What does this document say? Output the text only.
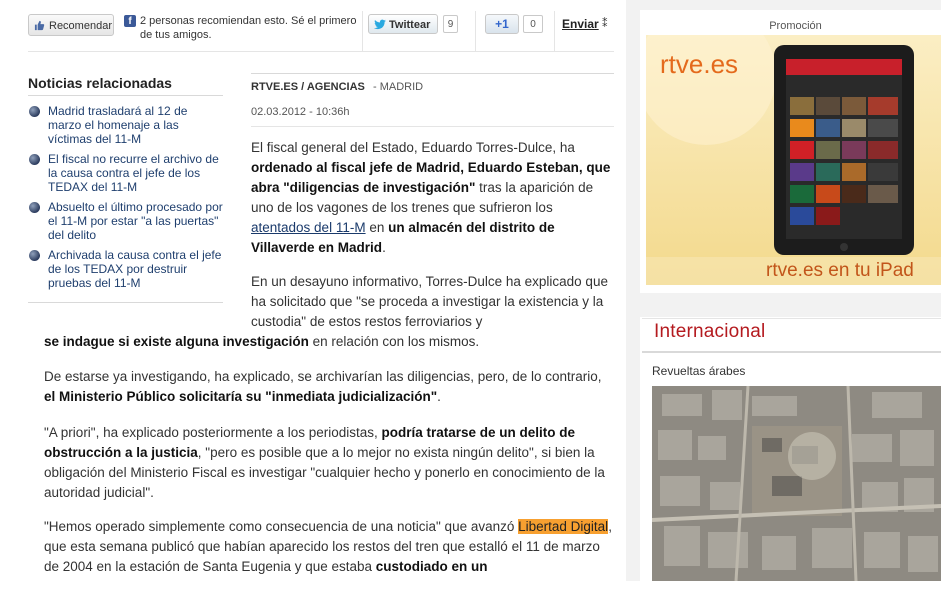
Recomendar	f 2 personas recomiendan esto. Sé el primero de tus amigos.
Twittear	9	+1	0	Enviar ⁑
Noticias relacionadas
Madrid trasladará al 12 de marzo el homenaje a las víctimas del 11-M
El fiscal no recurre el archivo de la causa contra el jefe de los TEDAX del 11-M
Absuelto el último procesado por el 11-M por estar "a las puertas" del delito
Archivada la causa contra el jefe de los TEDAX por destruir pruebas del 11-M
RTVE.ES / AGENCIAS - MADRID
02.03.2012 - 10:36h

El fiscal general del Estado, Eduardo Torres-Dulce, ha ordenado al fiscal jefe de Madrid, Eduardo Esteban, que abra "diligencias de investigación" tras la aparición de uno de los vagones de los trenes que sufrieron los atentados del 11-M en un almacén del distrito de Villaverde en Madrid.

En un desayuno informativo, Torres-Dulce ha explicado que ha solicitado que "se proceda a investigar la existencia y la custodia" de estos restos ferroviarios y

se indague si existe alguna investigación en relación con los mismos.

De estarse ya investigando, ha explicado, se archivarían las diligencias, pero, de lo contrario, el Ministerio Público solicitaría su "inmediata judicialización".

"A priori", ha explicado posteriormente a los periodistas, podría tratarse de un delito de obstrucción a la justicia, "pero es posible que a lo mejor no exista ningún delito", si bien la obligación del Ministerio Fiscal es investigar "cualquier hecho y ponerlo en conocimiento de la autoridad judicial".

"Hemos operado simplemente como consecuencia de una noticia" que avanzó Libertad Digital, que esta semana publicó que habían aparecido los restos del tren que estalló el 11 de marzo de 2004 en la estación de Santa Eugenia y que estaba custodiado en un

Promoción
rtve.es
rtve.es en tu iPad
Internacional
Revueltas árabes
